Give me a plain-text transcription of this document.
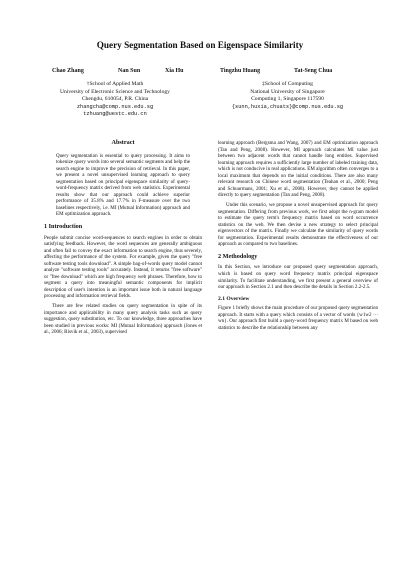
Query Segmentation Based on Eigenspace Similarity
Chao Zhang	Nan Sun	Xia Hu	Tingzhu Huang	Tat-Seng Chua
†School of Applied Math
University of Electronic Science and Technology
Chengdu, 610054, P.R. China
zhangcha@comp.nus.edu.sg
tzhuang@uestc.edu.cn
‡School of Computing
National University of Singapore
Computing 1, Singapore 117590
{sunn,huxia,chuats}@comp.nus.edu.sg
Abstract

Query segmentation is essential to query processing. It aims to tokenize query words into several semantic segments and help the search engine to improve the precision of retrieval. In this paper, we present a novel unsupervised learning approach to query segmentation based on principal eigenspace similarity of query-word-frequency matrix derived from web statistics. Experimental results show that our approach could achieve superior performance of 35.8% and 17.7% in F-measure over the two baselines respectively, i.e. MI (Mutual Information) approach and EM optimization approach.

1 Introduction

People submit concise word-sequences to search engines in order to obtain satisfying feedback. However, the word sequences are generally ambiguous and often fail to convey the exact information to search engine, thus severely, affecting the performance of the system. For example, given the query "free software testing tools download". A simple bag-of-words query model cannot analyze "software testing tools" accurately. Instead, it returns "free software" or "free download" which are high frequency web phrases. Therefore, how to segment a query into meaningful semantic components for implicit description of user's intention is an important issue both in natural language processing and information retrieval fields.

There are few related studies on query segmentation in spite of its importance and applicability in many query analysis tasks such as query suggestion, query substitution, etc. To our knowledge, three approaches have been studied in previous works: MI (Mutual Information) approach (Jones et al., 2006; Risvik et al., 2003), supervised

learning approach (Bergsma and Wang, 2007) and EM optimization approach (Tan and Peng, 2008). However, MI approach calculates MI value just between two adjacent words that cannot handle long entities. Supervised learning approach requires a sufficiently large number of labeled training data, which is not conducive in real applications. EM algorithm often converges to a local maximum that depends on the initial conditions. There are also many relevant research on Chinese word segmentation (Teahan et al., 2000; Peng and Schuurmans, 2001; Xu et al., 2008). However, they cannot be applied directly to query segmentation (Tan and Peng, 2008).

Under this scenario, we propose a novel unsupervised approach for query segmentation. Differing from previous work, we first adopt the n-gram model to estimate the query term's frequency matrix based on word occurrence statistics on the web. We then devise a new strategy to select principal eigenvectors of the matrix. Finally we calculate the similarity of query words for segmentation. Experimental results demonstrate the effectiveness of our approach as compared to two baselines.

2 Methodology

In this Section, we introduce our proposed query segmentation approach, which is based on query word frequency matrix principal eigenspace similarity. To facilitate understanding, we first present a general overview of our approach in Section 2.1 and then describe the details in Section 2.2-2.5.

2.1 Overview

Figure 1 briefly shows the main procedure of our proposed query segmentation approach. It starts with a query which consists of a vector of words {w1w2 ··· wn}. Our approach first build a query-word frequency matrix M based on web statistics to describe the relationship between any
